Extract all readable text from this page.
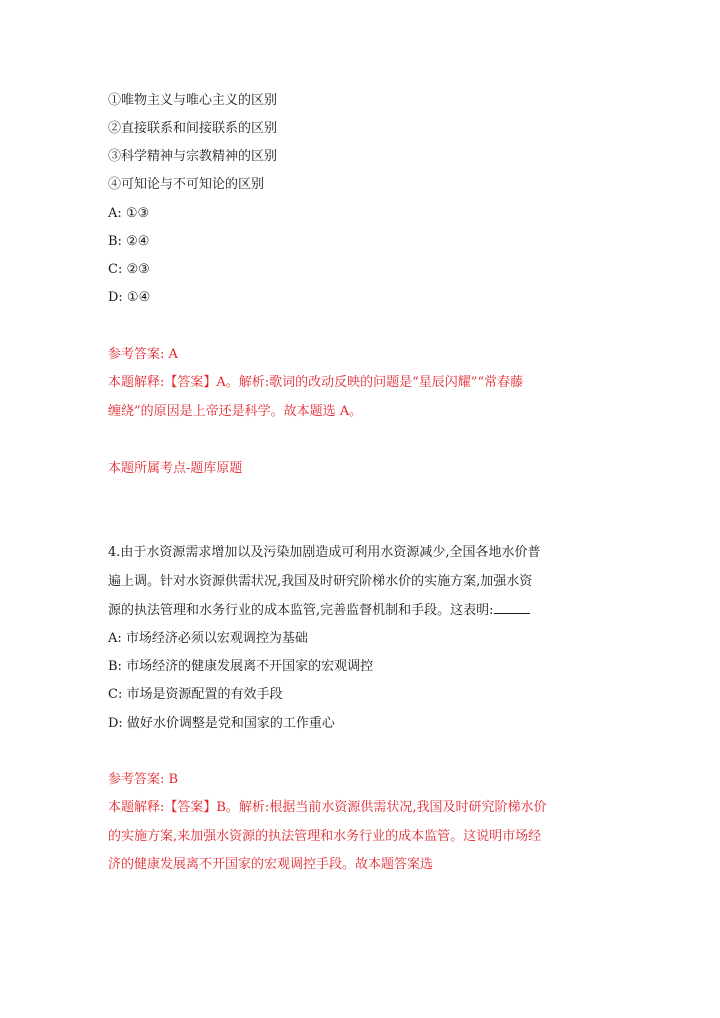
①唯物主义与唯心主义的区别
②直接联系和间接联系的区别
③科学精神与宗教精神的区别
④可知论与不可知论的区别
A: ①③
B: ②④
C: ②③
D: ①④
参考答案: A
本题解释:【答案】A。解析:歌词的改动反映的问题是“星辰闪耀”“常春藤
缠绕”的原因是上帝还是科学。故本题选 A。
本题所属考点-题库原题
4.由于水资源需求增加以及污染加剧造成可利用水资源减少,全国各地水价普
遍上调。针对水资源供需状况,我国及时研究阶梯水价的实施方案,加强水资
源的执法管理和水务行业的成本监管,完善监督机制和手段。这表明:
A: 市场经济必须以宏观调控为基础
B: 市场经济的健康发展离不开国家的宏观调控
C: 市场是资源配置的有效手段
D: 做好水价调整是党和国家的工作重心
参考答案: B
本题解释:【答案】B。解析:根据当前水资源供需状况,我国及时研究阶梯水价
的实施方案,来加强水资源的执法管理和水务行业的成本监管。这说明市场经
济的健康发展离不开国家的宏观调控手段。故本题答案选
